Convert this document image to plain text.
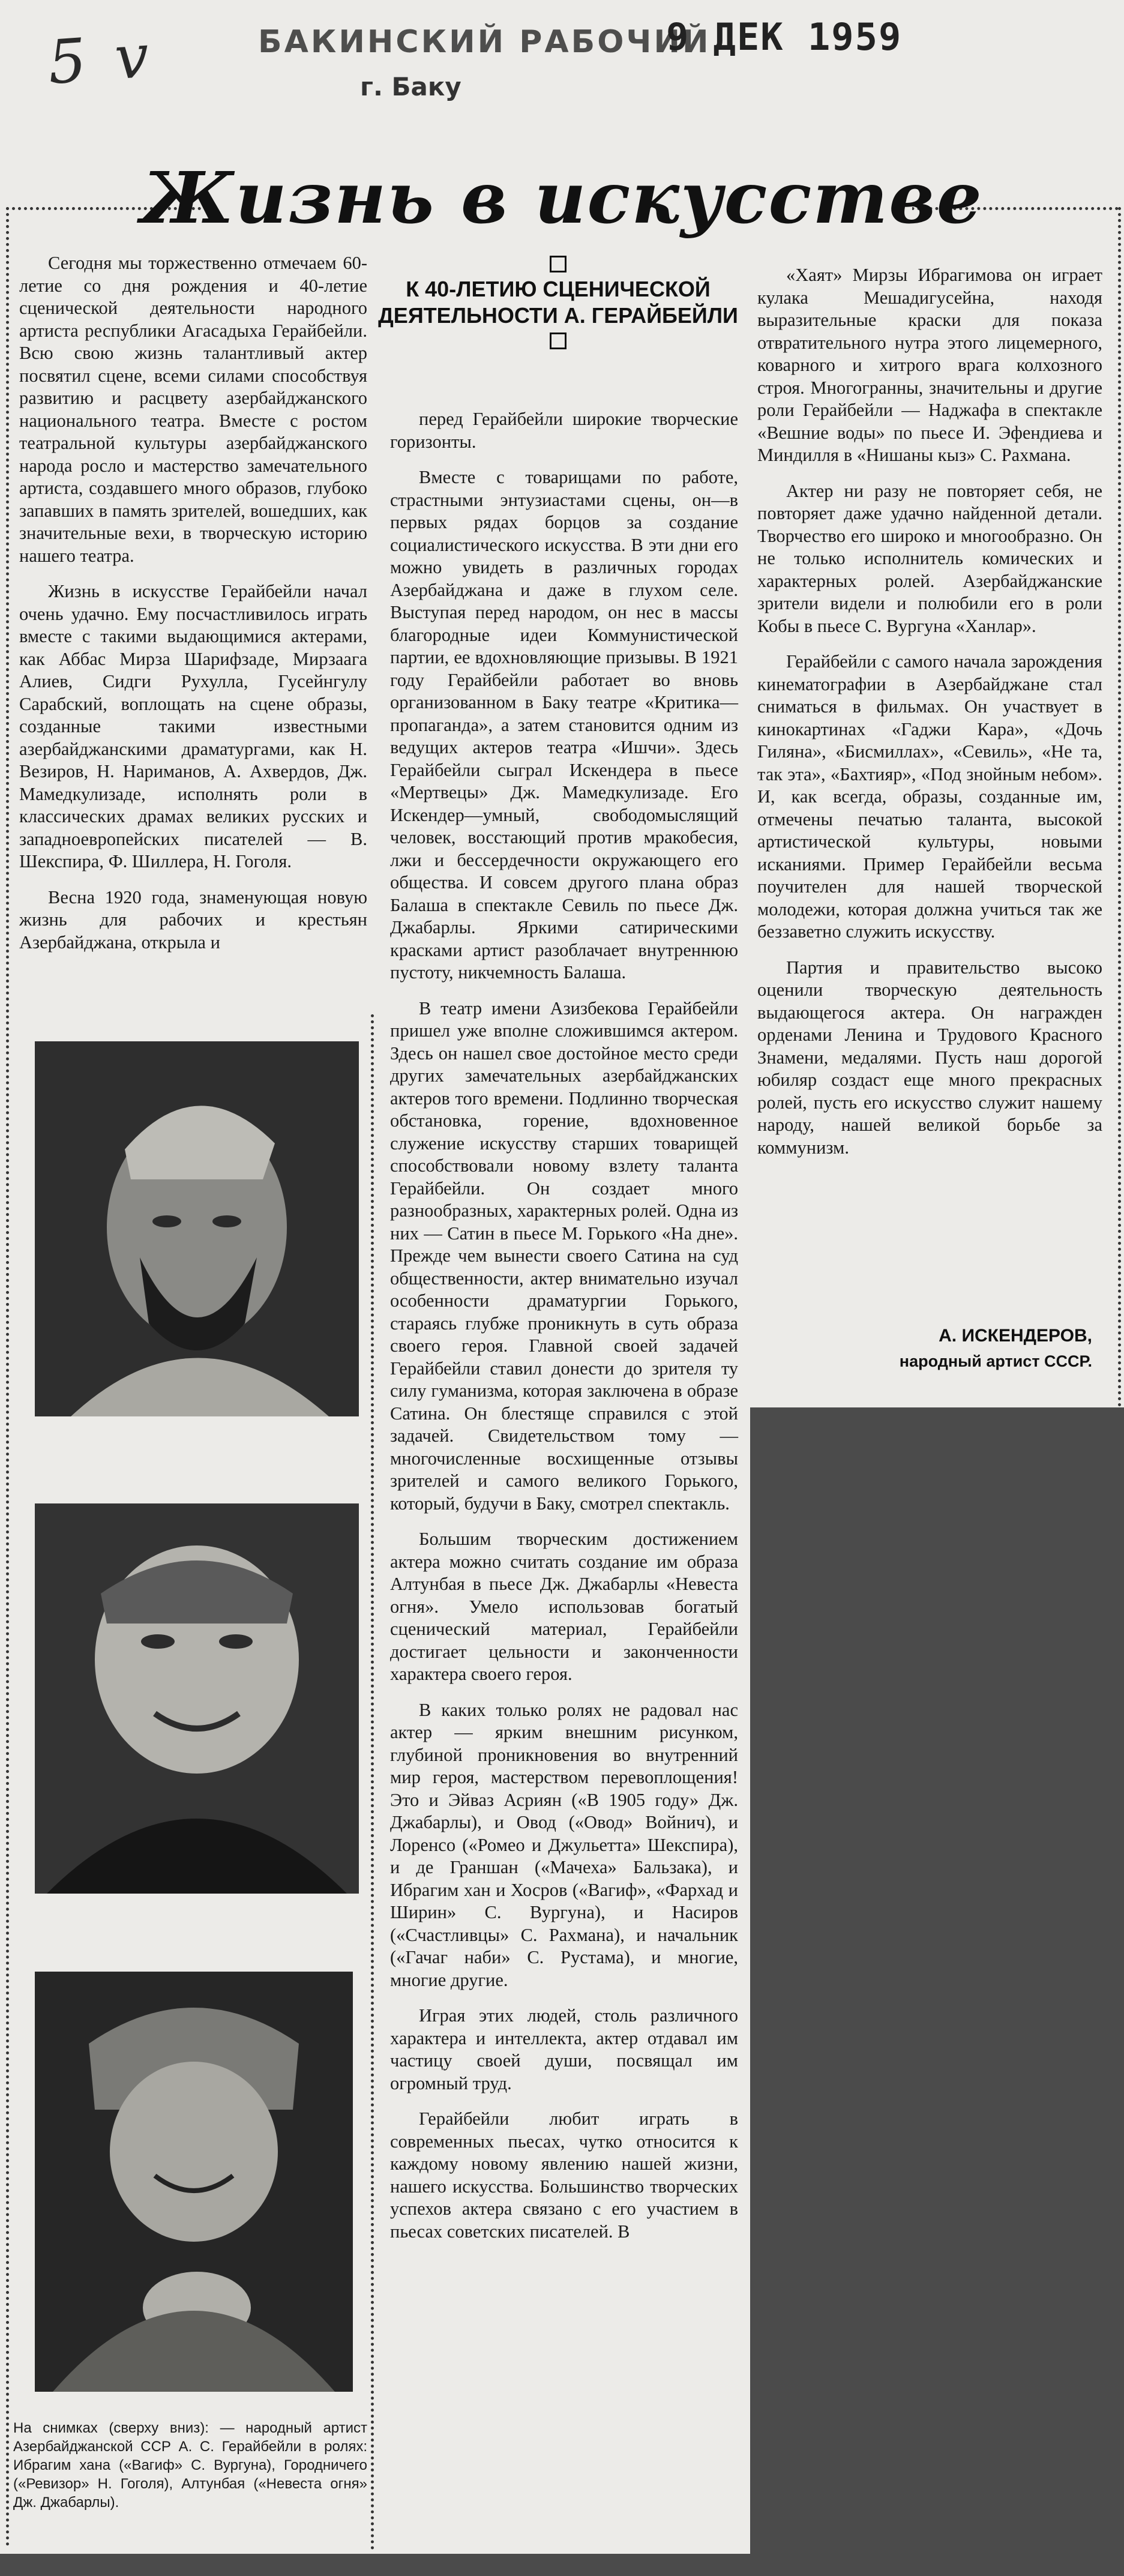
5 v	БАКИНСКИЙ РАБОЧИЙ
г. Баку
9 ДЕК 1959
Жизнь в искусстве

Сегодня мы торжественно отмечаем 60-летие со дня рождения и 40-летие сценической деятельности народного артиста республики Агасадыха Герайбейли. Всю свою жизнь талантливый актер посвятил сцене, всеми силами способствуя развитию и расцвету азербайджанского национального театра. Вместе с ростом театральной культуры азербайджанского народа росло и мастерство замечательного артиста, создавшего много образов, глубоко запавших в память зрителей, вошедших, как значительные вехи, в творческую историю нашего театра.

Жизнь в искусстве Герайбейли начал очень удачно. Ему посчастливилось играть вместе с такими выдающимися актерами, как Аббас Мирза Шарифзаде, Мирзаага Алиев, Сидги Рухулла, Гусейнгулу Сарабский, воплощать на сцене образы, созданные такими известными азербайджанскими драматургами, как Н. Везиров, Н. Нариманов, А. Ахвердов, Дж. Мамедкулизаде, исполнять роли в классических драмах великих русских и западноевропейских писателей — В. Шекспира, Ф. Шиллера, Н. Гоголя.

Весна 1920 года, знаменующая новую жизнь для рабочих и крестьян Азербайджана, открыла и

На снимках (сверху вниз): — народный артист Азербайджанской ССР А. С. Герайбейли в ролях: Ибрагим хана («Вагиф» С. Вургуна), Городничего («Ревизор» Н. Гоголя), Алтунбая («Невеста огня» Дж. Джабарлы).
К 40-ЛЕТИЮ СЦЕНИЧЕСКОЙ ДЕЯТЕЛЬНОСТИ А. ГЕРАЙБЕЙЛИ

перед Герайбейли широкие творческие горизонты.

Вместе с товарищами по работе, страстными энтузиастами сцены, он—в первых рядах борцов за создание социалистического искусства. В эти дни его можно увидеть в различных городах Азербайджана и даже в глухом селе. Выступая перед народом, он нес в массы благородные идеи Коммунистической партии, ее вдохновляющие призывы. В 1921 году Герайбейли работает во вновь организованном в Баку театре «Критика—пропаганда», а затем становится одним из ведущих актеров театра «Ишчи». Здесь Герайбейли сыграл Искендера в пьесе «Мертвецы» Дж. Мамедкулизаде. Его Искендер—умный, свободомыслящий человек, восстающий против мракобесия, лжи и бессердечности окружающего его общества. И совсем другого плана образ Балаша в спектакле Севиль по пьесе Дж. Джабарлы. Яркими сатирическими красками артист разоблачает внутреннюю пустоту, никчемность Балаша.

В театр имени Азизбекова Герайбейли пришел уже вполне сложившимся актером. Здесь он нашел свое достойное место среди других замечательных азербайджанских актеров того времени. Подлинно творческая обстановка, горение, вдохновенное служение искусству старших товарищей способствовали новому взлету таланта Герайбейли. Он создает много разнообразных, характерных ролей. Одна из них — Сатин в пьесе М. Горького «На дне». Прежде чем вынести своего Сатина на суд общественности, актер внимательно изучал особенности драматургии Горького, стараясь глубже проникнуть в суть образа своего героя. Главной своей задачей Герайбейли ставил донести до зрителя ту силу гуманизма, которая заключена в образе Сатина. Он блестяще справился с этой задачей. Свидетельством тому — многочисленные восхищенные отзывы зрителей и самого великого Горького, который, будучи в Баку, смотрел спектакль.

Большим творческим достижением актера можно считать создание им образа Алтунбая в пьесе Дж. Джабарлы «Невеста огня». Умело использовав богатый сценический материал, Герайбейли достигает цельности и законченности характера своего героя.

В каких только ролях не радовал нас актер — ярким внешним рисунком, глубиной проникновения во внутренний мир героя, мастерством перевоплощения! Это и Эйваз Асриян («В 1905 году» Дж. Джабарлы), и Овод («Овод» Войнич), и Лоренсо («Ромео и Джульетта» Шекспира), и де Граншан («Мачеха» Бальзака), и Ибрагим хан и Хосров («Вагиф», «Фархад и Ширин» С. Вургуна), и Насиров («Счастливцы» С. Рахмана), и начальник («Гачаг наби» С. Рустама), и многие, многие другие.

Играя этих людей, столь различного характера и интеллекта, актер отдавал им частицу своей души, посвящал им огромный труд.

Герайбейли любит играть в современных пьесах, чутко относится к каждому новому явлению нашей жизни, нашего искусства. Большинство творческих успехов актера связано с его участием в пьесах советских писателей. В

«Хаят» Мирзы Ибрагимова он играет кулака Мешадигусейна, находя выразительные краски для показа отвратительного нутра этого лицемерного, коварного и хитрого врага колхозного строя. Многогранны, значительны и другие роли Герайбейли — Наджафа в спектакле «Вешние воды» по пьесе И. Эфендиева и Миндилля в «Нишаны кыз» С. Рахмана.

Актер ни разу не повторяет себя, не повторяет даже удачно найденной детали. Творчество его широко и многообразно. Он не только исполнитель комических и характерных ролей. Азербайджанские зрители видели и полюбили его в роли Кобы в пьесе С. Вургуна «Ханлар».

Герайбейли с самого начала зарождения кинематографии в Азербайджане стал сниматься в фильмах. Он участвует в кинокартинах «Гаджи Кара», «Дочь Гиляна», «Бисмиллах», «Севиль», «Не та, так эта», «Бахтияр», «Под знойным небом». И, как всегда, образы, созданные им, отмечены печатью таланта, высокой артистической культуры, новыми исканиями. Пример Герайбейли весьма поучителен для нашей творческой молодежи, которая должна учиться так же беззаветно служить искусству.

Партия и правительство высоко оценили творческую деятельность выдающегося актера. Он награжден орденами Ленина и Трудового Красного Знамени, медалями. Пусть наш дорогой юбиляр создаст еще много прекрасных ролей, пусть его искусство служит нашему народу, нашей великой борьбе за коммунизм.

А. ИСКЕНДЕРОВ,
народный артист СССР.
